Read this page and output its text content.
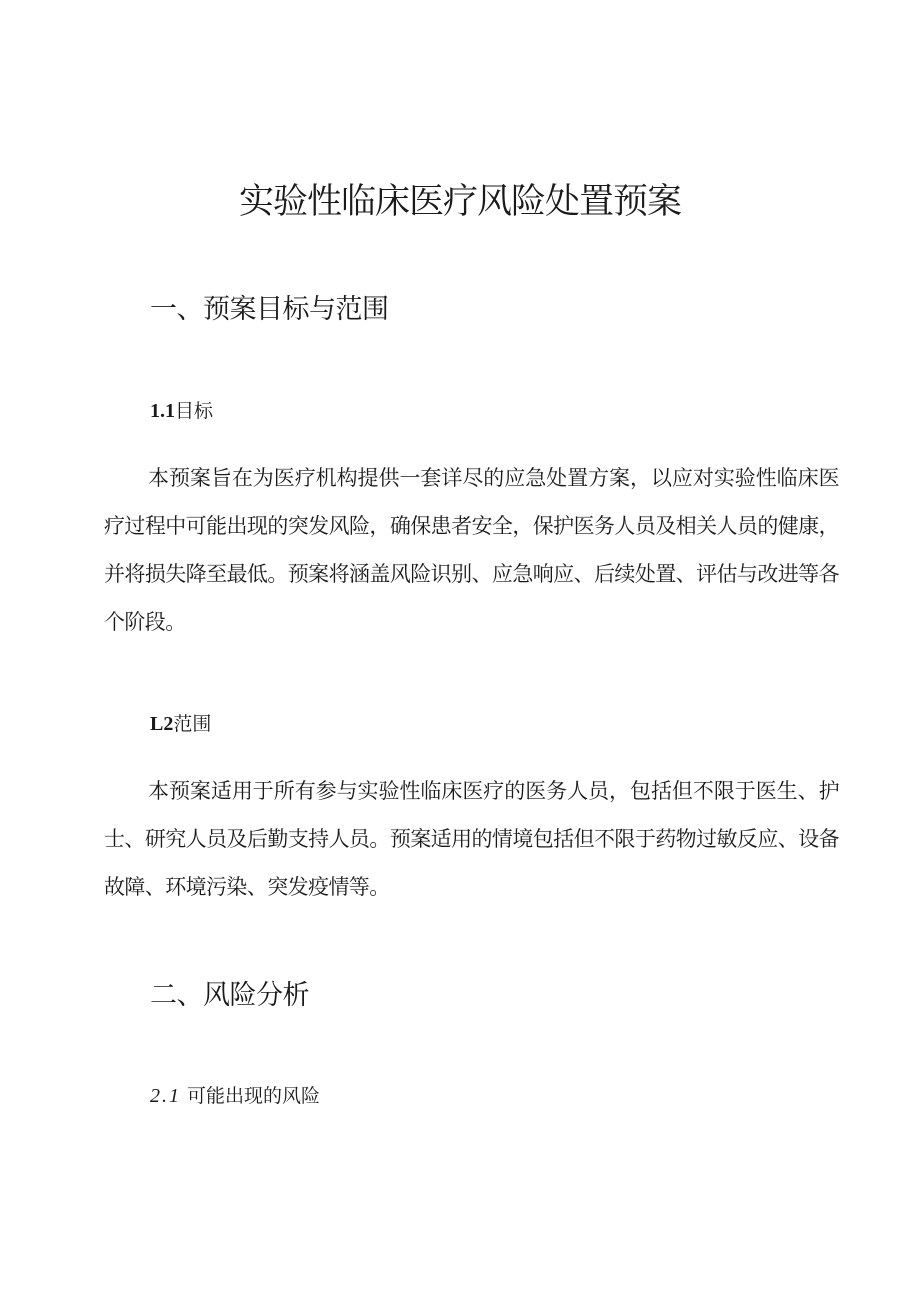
实验性临床医疗风险处置预案
一、预案目标与范围
1.1目标

本预案旨在为医疗机构提供一套详尽的应急处置方案，以应对实验性临床医疗过程中可能出现的突发风险，确保患者安全，保护医务人员及相关人员的健康，并将损失降至最低。预案将涵盖风险识别、应急响应、后续处置、评估与改进等各个阶段。

L2范围

本预案适用于所有参与实验性临床医疗的医务人员，包括但不限于医生、护士、研究人员及后勤支持人员。预案适用的情境包括但不限于药物过敏反应、设备故障、环境污染、突发疫情等。

二、风险分析
2.1 可能出现的风险
